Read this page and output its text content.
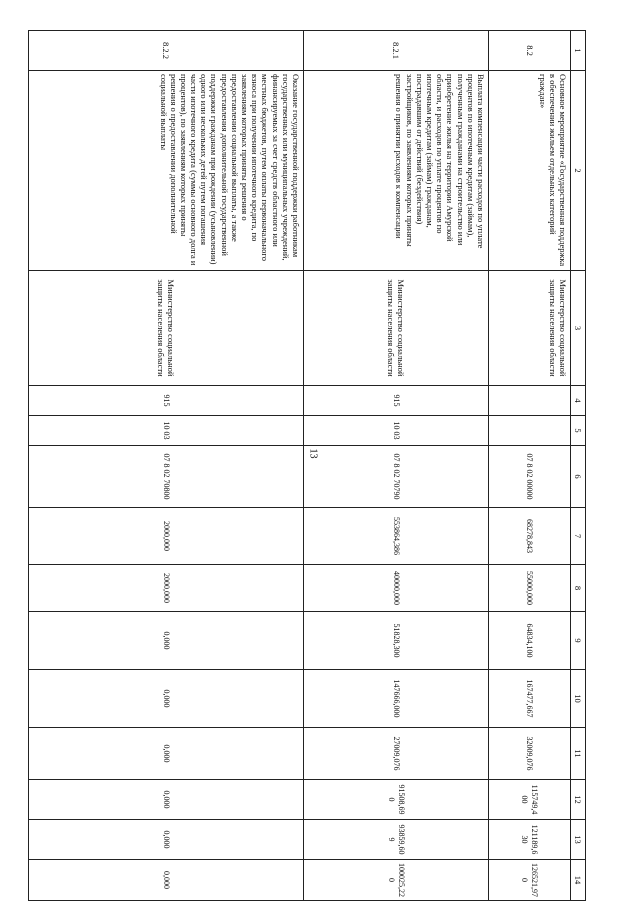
13
1	2	3	4	5	6	7	8	9	10	11	12	13	14
8.2	Основное мероприятие «Государственная поддержка в обеспечении жильем отдельных категорий граждан»	Министерство социальной защиты населения области			07 8 02 00000	68278,843	55000,000	64834,100	167477,667	32009,076	115749,400	121189,630	126521,970
8.2.1	Выплата компенсации части расходов по уплате процентов по ипотечным кредитам (займам), полученным гражданами на строительство или приобретение жилья на территории Амурской области, и расходов по уплате процентов по ипотечным кредитам (займам) гражданам, пострадавшим от действий (бездействия) застройщиков, по заявлениям которых приняты решения о принятии расходов к компенсации	Министерство социальной защиты населения области	915	10 03	07 8 02 70790	553864,386	40000,000	51828,300	147666,000	27009,076	91508,690	93859,609	100025,220
8.2.2	Оказание государственной поддержки работникам государственных или муниципальных учреждений, финансируемых за счет средств областного или местных бюджетов, путем оплаты первоначального взноса при получении ипотечного кредита, по заявлениям которых приняты решения о предоставлении социальной выплаты, а также предоставления дополнительной государственной поддержки гражданам при рождении (усыновлении) одного или нескольких детей путем погашения части ипотечного кредита (суммы основного долга и процентов), по заявлениям которых приняты решения о предоставлении дополнительной социальной выплаты	Министерство социальной защиты населения области	915	10 03	07 8 02 70800	2000,000	2000,000	0,000	0,000	0,000	0,000	0,000	0,000
